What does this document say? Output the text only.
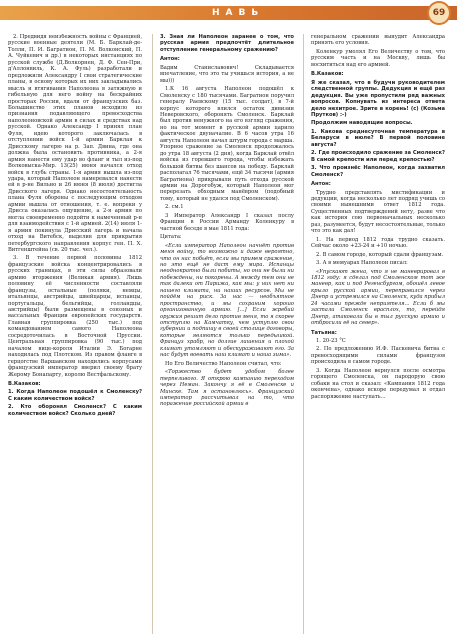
НАВЬ	69

2. Предвидя неизбежность войны с Францией, русские военные деятели (М. Б. Барклай-де-Толли, П. И. Багратион, П. М. Волконский, П. А. Чуйкевич и др.) в некоторых инстанциях по русской службе (Д.Волкорнен, Д. Ф. Сен-При, д'Аллонвиль, К. А. Фуль) разработали и предложили Александру I свои стратегические планы, в основу которых их них закладывались мысль и втягивания Наполеона в затяжную и гибельную для него войну на бескрайних просторах России, вдали от французских баз. Большинство этих планов исходило из признания подавляющего превосходства наполеоновской армии в силах и средствах над русской. Однако Александр I принял план Фуля, идею которого заключалась в отступлении войск 1-й армии Барклая к Дрисскому лагерю на р. Зап. Двина, где она должна была остановить противника, а 2-я армия нанести ему удар во фланг и тыл из-под Волковыска-Мир. 13(25) июня начался отход войск в глубь страны. 1-я армия вышла из-под удара, который Наполеон намеревался нанести ей в р-не Вильно и 26 июня (8 июля) достигла Дрисского лагеря. Однако несостоятельность плана Фуля обороны с последующим отходом армии вышла от отношения, т. е. вопреки у Дрисса оказалась ощущение, а 2-я армия по могла своевременно подойти к намеченный р-н для взаимодействия с 1-й армией. 2(14) июля 1-я армия покинула Дрисский лагерь и начала отход на Витебск, выделив для прикрытия петербургского направления корпус ген. П. Х. Витгенштейна (св. 20 тыс. чел.).

3. В течение первой половины 1812 французские войска концентрировались в русских границах, в эти силы образовали армию вторжения (Великая армия). Лишь половину её численности составляли французы, остальные (поляки, немцы, итальянцы, австрийцы, швейцарцы, испанцы, португальцы, бельгийцы, голландцы, австрийцы) были размещены в союзных и вассальных Франции европейских государств. Главная группировка (250 тыс.) под командованием самого Наполеона сосредоточилась в Восточной Пруссии. Центральная группировка (90 тыс.) под началом вице-короля Италии Э. Богарне находилась под Плотском. Из правом фланге в герцогстве Варшавском находились корпусами французский император вверил своему брату Жерому Бонапарту, королю Вестфальскому.

В.Казаков:

1. Когда Наполеон подошёл к Смоленску? С каким количеством войск?

2. Кто оборонял Смоленск? С каким количеством войск? Сколько дней?

3. Зная ли Наполеон заранее о том, что русская армия предпочтёт длительное отступление генеральному сражению?

Антон:

Вадим Станиславович! Складывается впечатление, что это ты учишься история, а не мы)))

1.К 16 августа Наполеон подошёл к Смоленску с 180 тысячами. Багратион поручил генералу Раевскому (15 тыс. солдат), в 7-й корпус которого влился остаток дивизии Неверовского, оборонять Смоленск. Барклай был против ненужного на его взгляд сражения, но на тот момент в русской армии царило фактическое двуначалие. В 6 часов утра 16 августа Наполеон начал штурм города с марша. Упорное сражение за Смоленск продолжалось до утра 18 августа (2 дня), когда Барклай отвёл войска из горевшего города, чтобы избежать большой битвы без шансов на победу. Барклай располагал 76 тысячами, ещё 34 тысячи (армия Багратиона) прикрывали путь отхода русской армии на Дорогобуж, который Наполеон мог перерезать обходным манёвром (подобный тому, который не удался под Смоленском).

2. см.1

3 Император Александр I сказал послу Франции в России Арманду Коленкуру в частной беседе в мае 1811 года:

Цитата:

«Если император Наполеон начнёт против меня войну, то возможно и даже вероятно, что он нас побьёт, если мы примем сражение, но это ещё не даст ему мира. Испанцы неоднократно были побиты, но они не были ни побеждены, ни покорены. А между тем они не так далеки от Парижа, как мы: у них нет ни нашего климата, ни наших ресурсов. Мы не пойдём на риск. За нас — необъятное пространство, и мы сохраним хорошо организованную армию. [...] Если жребий оружия решит дело против меня, то я скорее отступлю на Камчатку, чем уступлю свои губернии и подпишу в своей столице договоры, которые являются только передышкой. Француз храбр, но долгие лишения и плохой климат утомляют и обескураживают его. За нас будут воевать наш климат и наша зима».

Но Его Величество Наполеон считал, что:

«Торжество будет удобом более терпеливого. Я открою кампанию переходом через Неман. Закончу я её в Смоленске и Минске. Там я остановлюсь». Французский император рассчитывал на то, что поражение российской армии в

генеральном сражении вынудит Александра принять его условия.

Коленкур умолял Его Величеству о том, что русским часть и на Москву, лишь бы восхититься над его армией.

В.Казаков:

Я же сказал, что в будучи руководителем следственной группы. Дедукция и ещё раз дедукция. Вы уже пропустили ряд важных вопросов. Копнувать из интереса ответа дело нехитрое. Зрите в корень! (c) (Козьма Прутков) :-)

Продолжим наводящие вопросы.

1. Какова среднесуточная температура в Беларуси в июле? В первой половине августа?

2. Где происходило сражение за Смоленск? В самой крепости или перед крепостью?

3. Что произнёс Наполеон, когда захватил Смоленск?

Антон:

Трудно представлять мистификации и дедукции, когда несколько лет подряд учишь со своими нынешними ответ 1812 года. Существенных подтверждений нету, разве что как история сою первоначальных несколько раз, разумеется, будут несостоятельные, только что это как дал!

1. На период 1812 года трудно сказать. Сейчас около +23-24 и +10 ночью.

2. В самом городе, который сдали французам.

3. А в мемуарах Наполеон писал:

«Упускают жена, что я не маневрировал в 1812 году: я сделал под Смоленском тот же маневр, как и под Регенсбургом, обошёл левое крыло русской армии, переправился через Днепр и устремился на Смоленск, куда прибыл 24 часами прежде неприятеля... Если б мы застали Смоленск врасплох, то, перейдя Днепр, атаковали бы в тыл русскую армию и отбросили её на север».

Татьяна:

1. 20-23 °С

2. По предложению И.Ф. Паскевича битва с превосходящими силами французов происходила в самом городе.

3. Когда Наполеон вернулся после осмотра горящего Смоленска, он пародорую свою собаки на стол и сказал: «Кампания 1812 года окончена», однако вскоре передумал и отдал распоряжение наступать...
